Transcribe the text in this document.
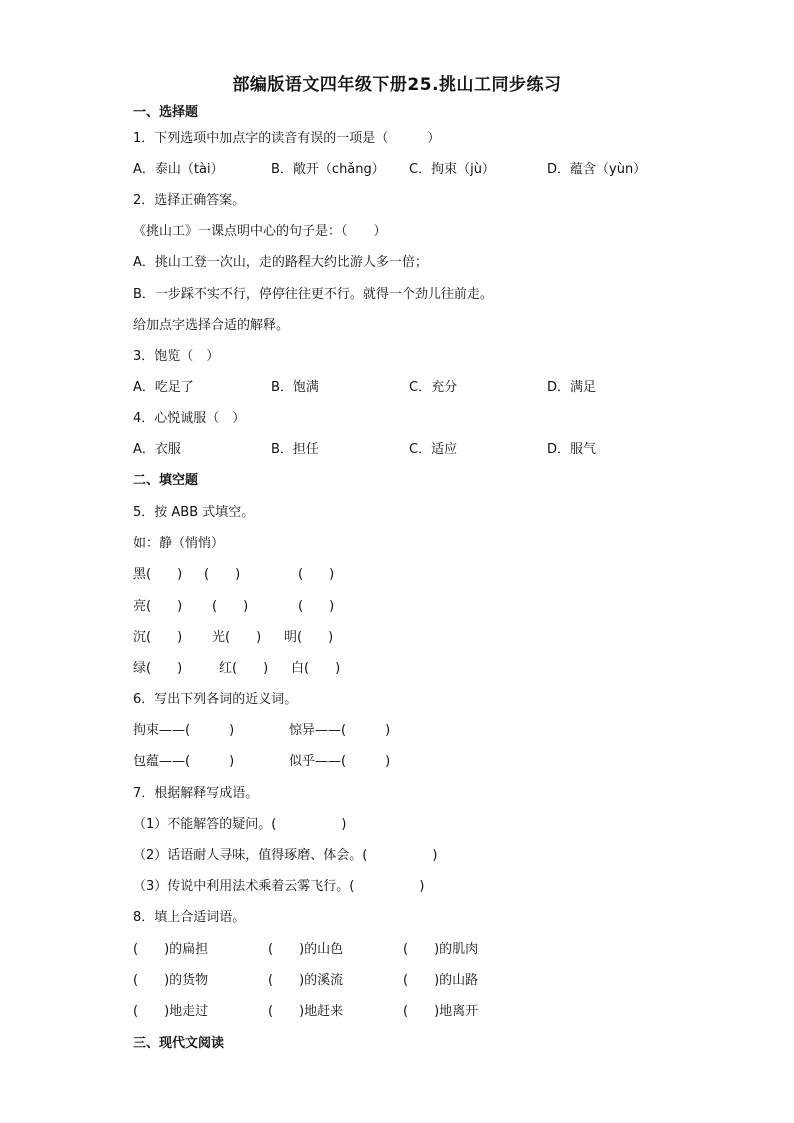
部编版语文四年级下册25.挑山工同步练习
一、选择题
1．下列选项中加点字的读音有误的一项是（　　　）
A．泰山（tài）	B．敞开（chǎng） C．拘束（jù）	D．蕴含（yùn）
2．选择正确答案。
《挑山工》一课点明中心的句子是：（　　）
A．挑山工登一次山，走的路程大约比游人多一倍；
B．一步踩不实不行，停停往往更不行。就得一个劲儿往前走。
给加点字选择合适的解释。
3．饱览（　）
A．吃足了	B．饱满	C．充分	D．满足
4．心悦诚服（　）
A．衣服	B．担任	C．适应	D．服气
二、填空题
5．按 ABB 式填空。
如：静（悄悄）
黑(　　) (　　)	(　　)
亮(　　) (　　)	(　　)
沉(　　) 光(　　) 明(　　)
绿(　　)	红(　　) 白(　　)
6．写出下列各词的近义词。
拘束——(　　　)	惊异——(　　　)
包蕴——(　　　)	似乎——(　　　)
7．根据解释写成语。
（1）不能解答的疑问。(　　　　　)
（2）话语耐人寻味，值得琢磨、体会。(　　　　　)
（3）传说中利用法术乘着云雾飞行。(　　　　　)
8．填上合适词语。
(　　)的扁担	(　　)的山色	(　　)的肌肉
(　　)的货物	(　　)的溪流	(　　)的山路
(　　)地走过	(　　)地赶来	(　　)地离开
三、现代文阅读
